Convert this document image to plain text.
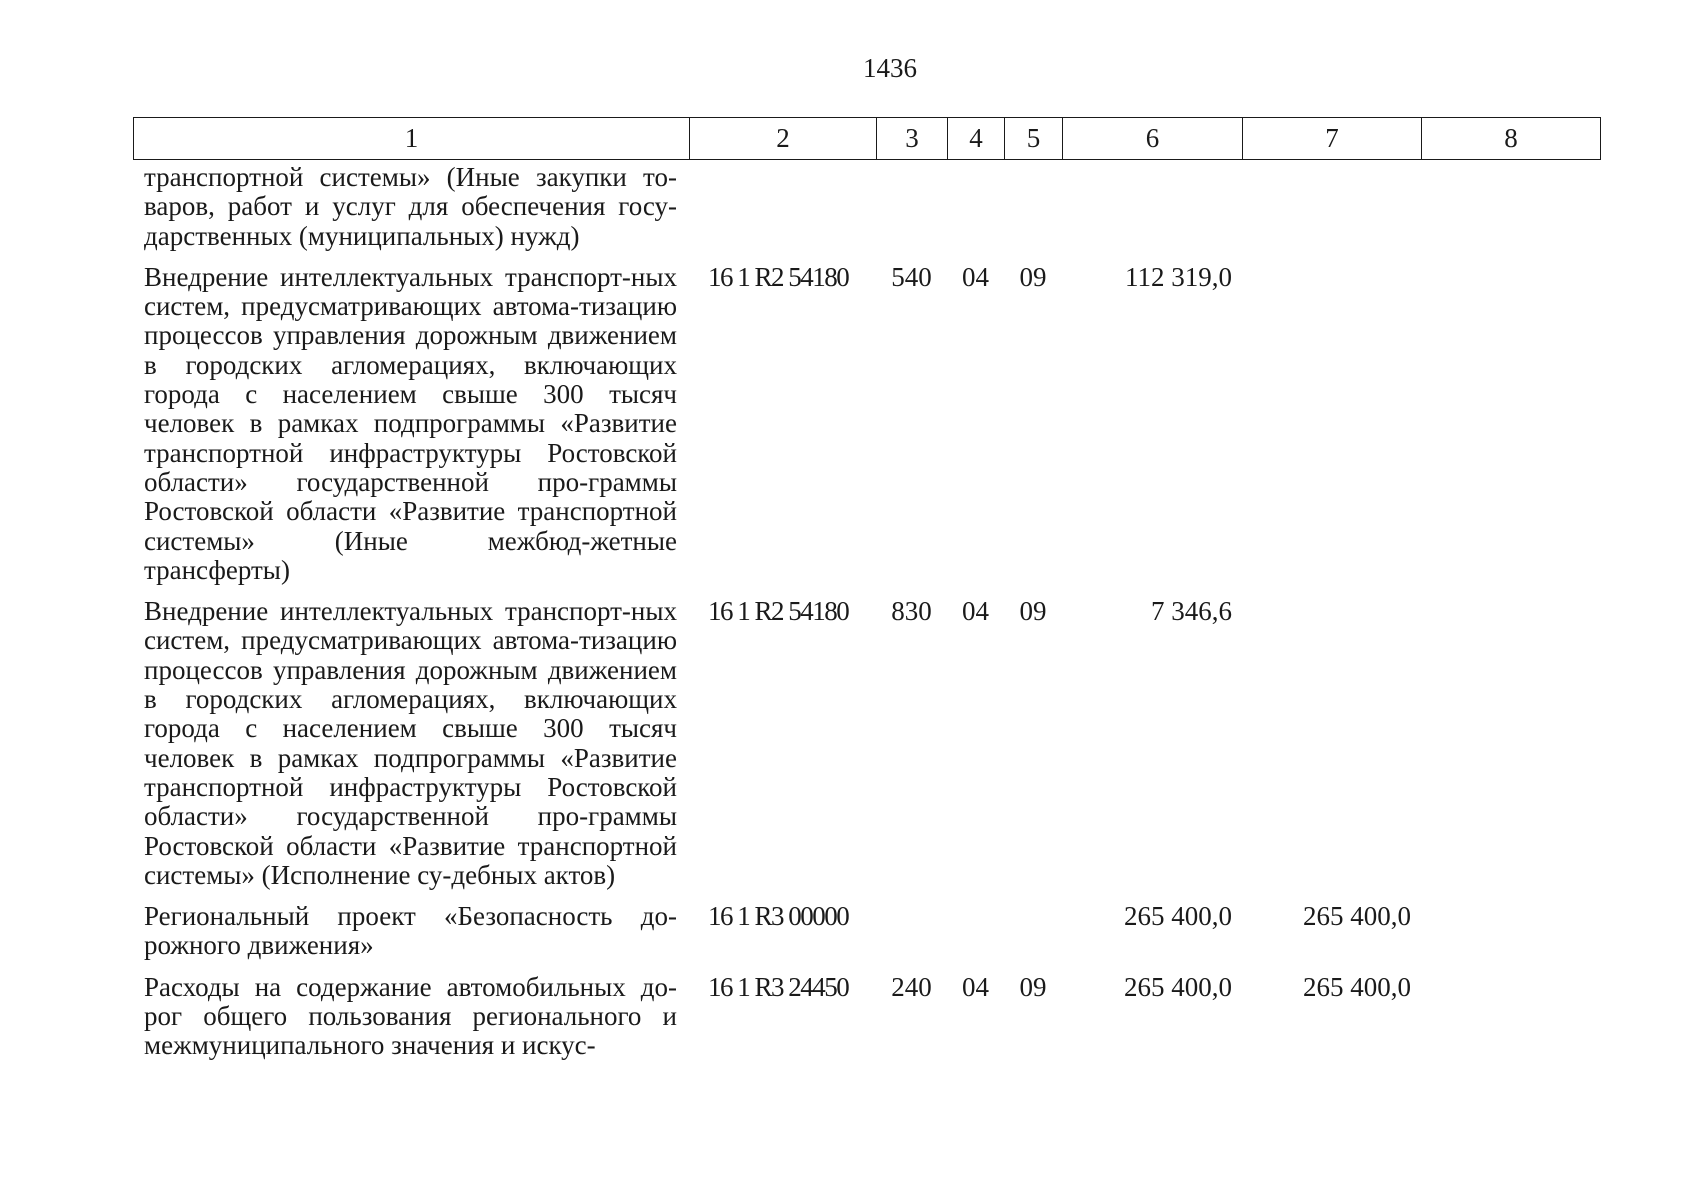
1436
1	2	3	4	5	6	7	8
транспортной системы» (Иные закупки то-варов, работ и услуг для обеспечения госу-дарственных (муниципальных) нужд)							
Внедрение интеллектуальных транспорт-ных систем, предусматривающих автома-тизацию процессов управления дорожным движением в городских агломерациях, включающих города с населением свыше 300 тысяч человек в рамках подпрограммы «Развитие транспортной инфраструктуры Ростовской области» государственной про-граммы Ростовской области «Развитие транспортной системы» (Иные межбюд-жетные трансферты)	16 1 R2 54180	540	04	09	112 319,0		
Внедрение интеллектуальных транспорт-ных систем, предусматривающих автома-тизацию процессов управления дорожным движением в городских агломерациях, включающих города с населением свыше 300 тысяч человек в рамках подпрограммы «Развитие транспортной инфраструктуры Ростовской области» государственной про-граммы Ростовской области «Развитие транспортной системы» (Исполнение су-дебных актов)	16 1 R2 54180	830	04	09	7 346,6		
Региональный проект «Безопасность до-рожного движения»	16 1 R3 00000				265 400,0	265 400,0	
Расходы на содержание автомобильных до-рог общего пользования регионального и межмуниципального значения и искус-	16 1 R3 24450	240	04	09	265 400,0	265 400,0	
